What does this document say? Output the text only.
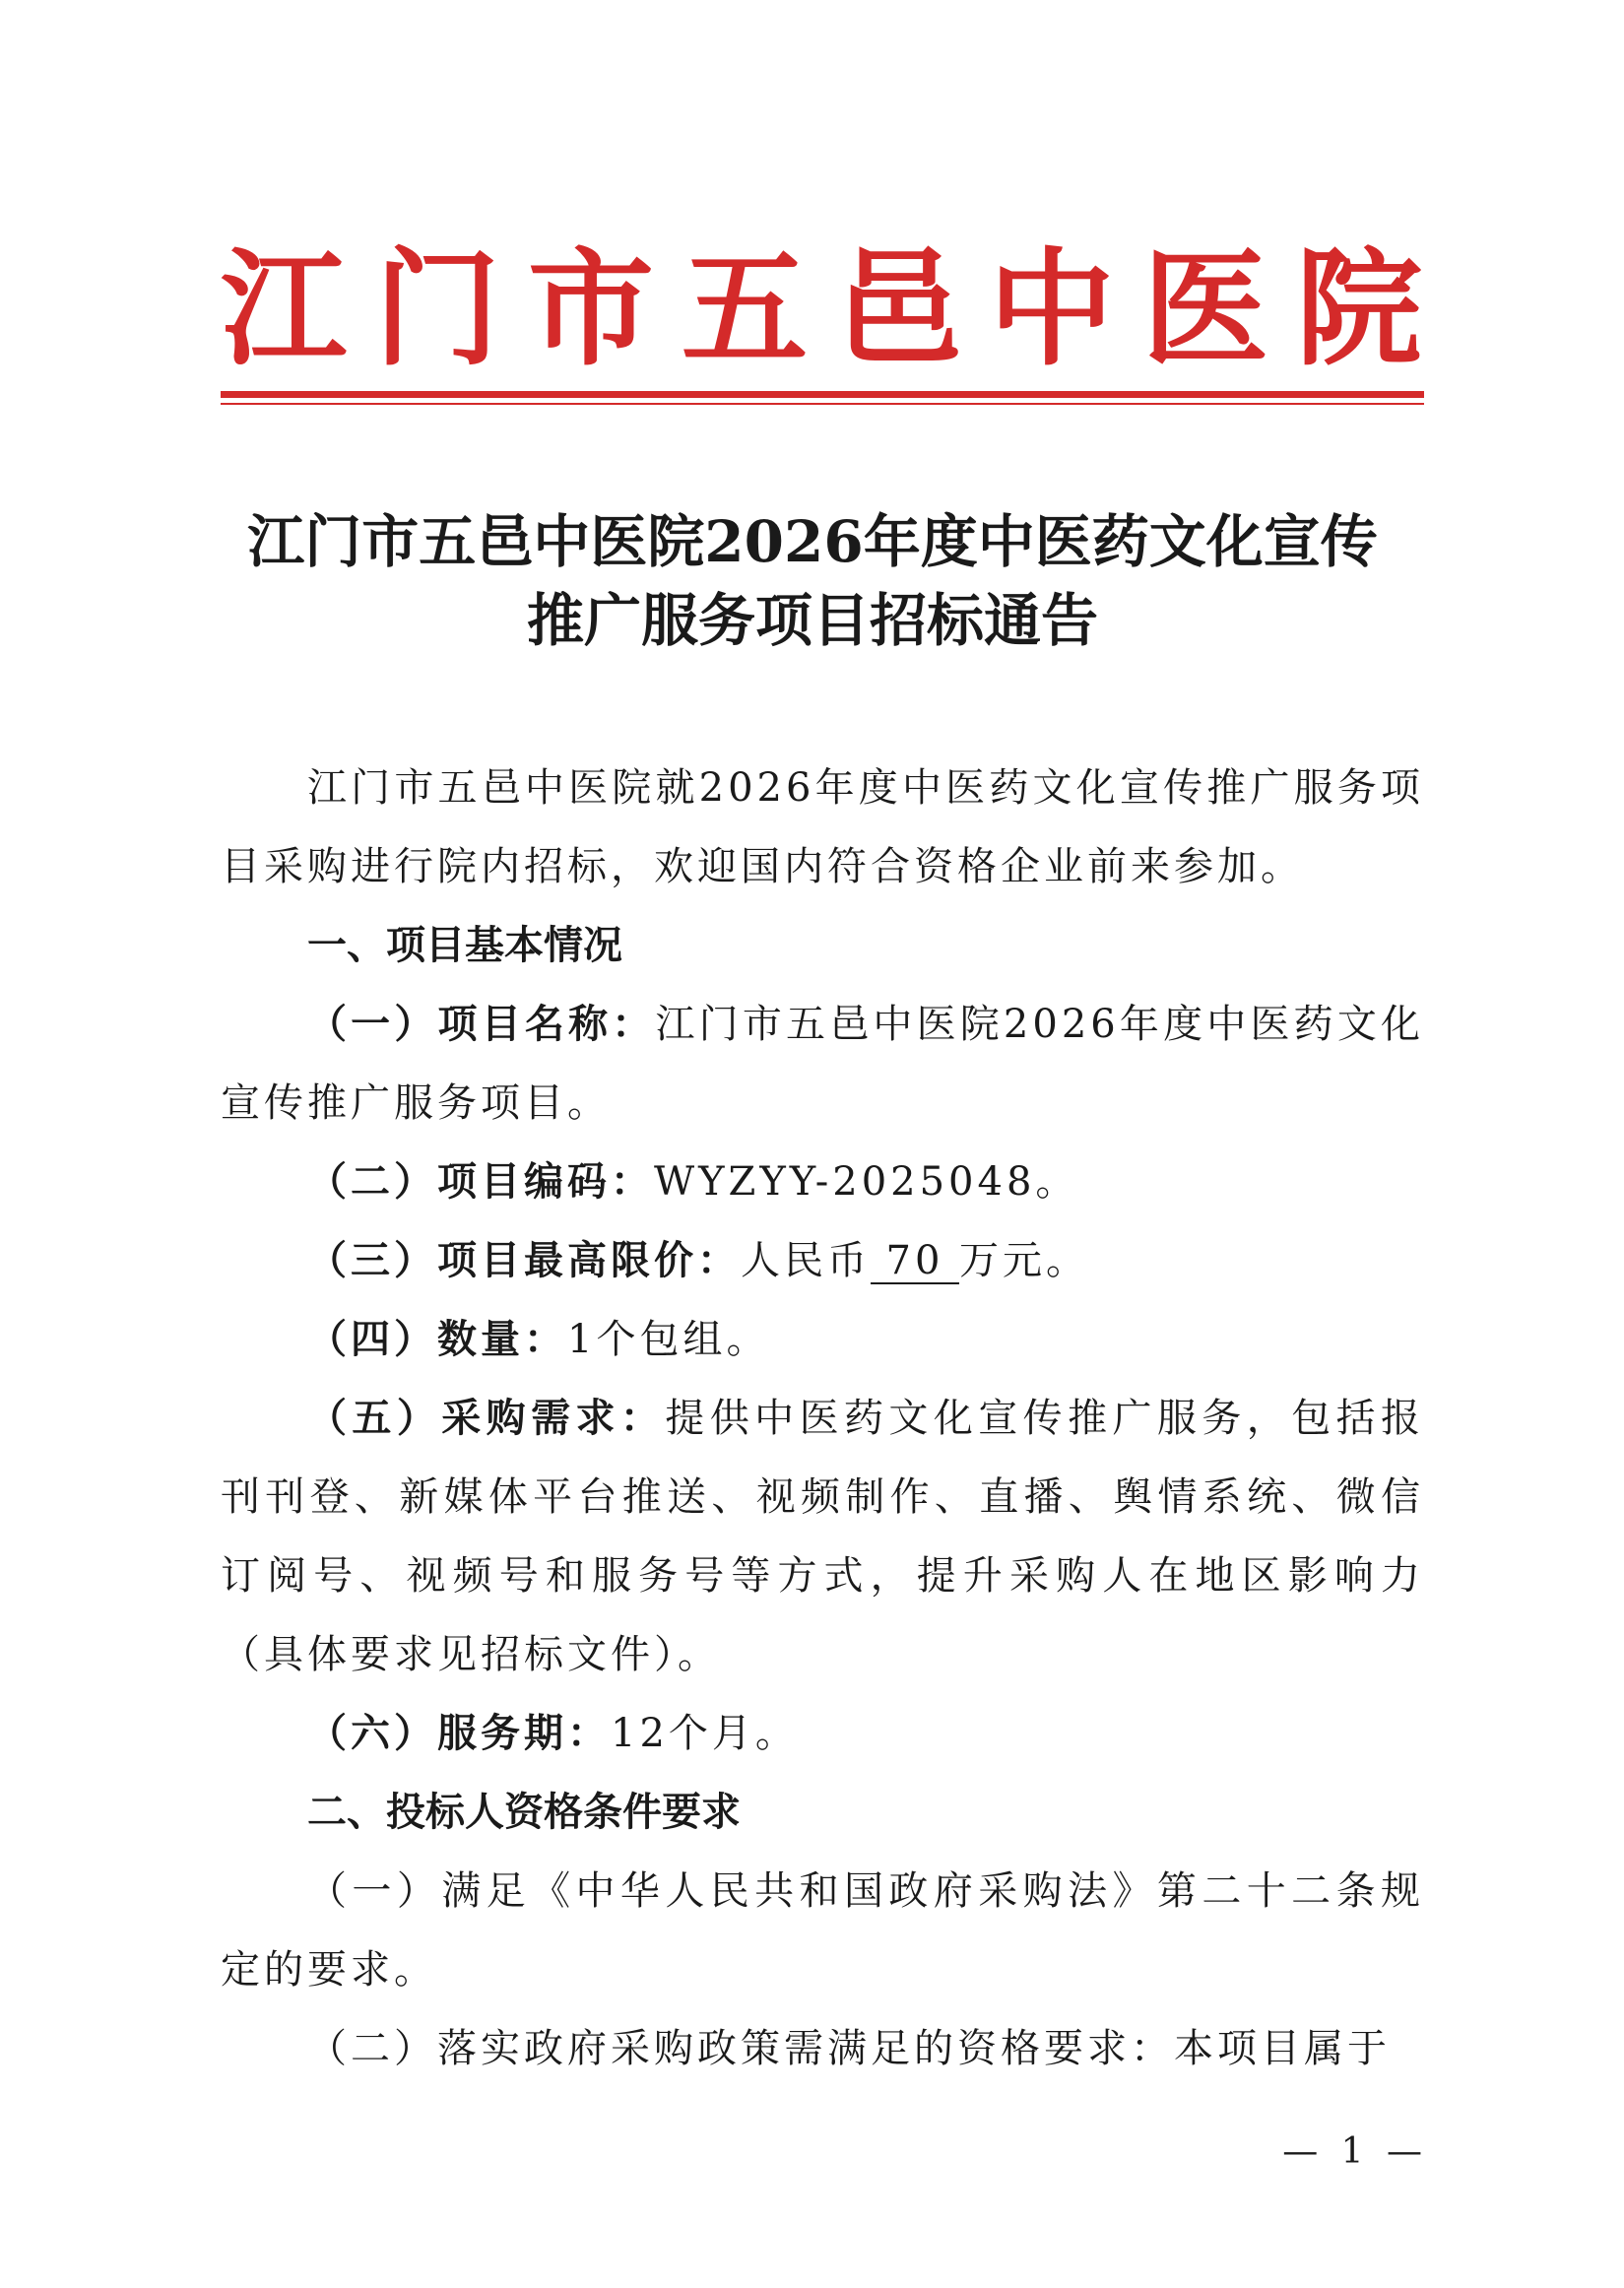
江 门 市 五 邑 中 医 院
江门市五邑中医院2026年度中医药文化宣传
推广服务项目招标通告
江门市五邑中医院就2026年度中医药文化宣传推广服务项目采购进行院内招标，欢迎国内符合资格企业前来参加。
一、项目基本情况
（一）项目名称：江门市五邑中医院2026年度中医药文化宣传推广服务项目。
（二）项目编码：WYZYY-2025048。
（三）项目最高限价：人民币 70 万元。
（四）数量：1个包组。
（五）采购需求：提供中医药文化宣传推广服务，包括报刊刊登、新媒体平台推送、视频制作、直播、舆情系统、微信订阅号、视频号和服务号等方式，提升采购人在地区影响力（具体要求见招标文件）。
（六）服务期：12个月。
二、投标人资格条件要求
（一）满足《中华人民共和国政府采购法》第二十二条规定的要求。
（二）落实政府采购政策需满足的资格要求：本项目属于
— 1 —
